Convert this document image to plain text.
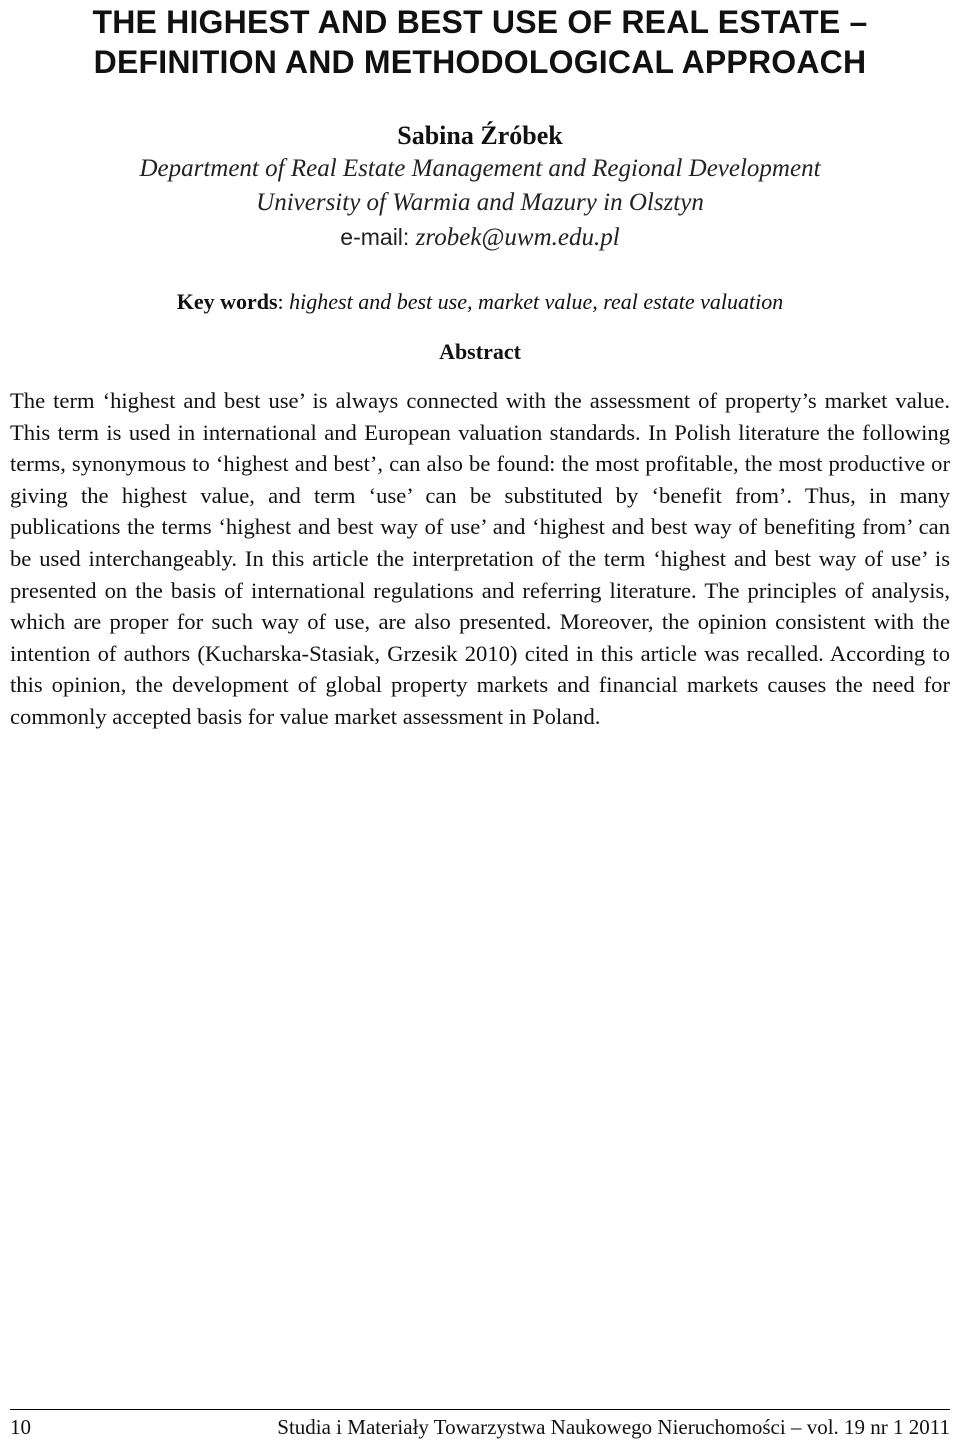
THE HIGHEST AND BEST USE OF REAL ESTATE –
DEFINITION AND METHODOLOGICAL APPROACH
Sabina Źróbek
Department of Real Estate Management and Regional Development
University of Warmia and Mazury in Olsztyn
e-mail: zrobek@uwm.edu.pl
Key words: highest and best use, market value, real estate valuation
Abstract

The term ‘highest and best use’ is always connected with the assessment of property’s market value. This term is used in international and European valuation standards. In Polish literature the following terms, synonymous to ‘highest and best’, can also be found: the most profitable, the most productive or giving the highest value, and term ‘use’ can be substituted by ‘benefit from’. Thus, in many publications the terms ‘highest and best way of use’ and ‘highest and best way of benefiting from’ can be used interchangeably. In this article the interpretation of the term ‘highest and best way of use’ is presented on the basis of international regulations and referring literature. The principles of analysis, which are proper for such way of use, are also presented. Moreover, the opinion consistent with the intention of authors (Kucharska-Stasiak, Grzesik 2010) cited in this article was recalled. According to this opinion, the development of global property markets and financial markets causes the need for commonly accepted basis for value market assessment in Poland.

10	Studia i Materiały Towarzystwa Naukowego Nieruchomości – vol. 19 nr 1 2011
